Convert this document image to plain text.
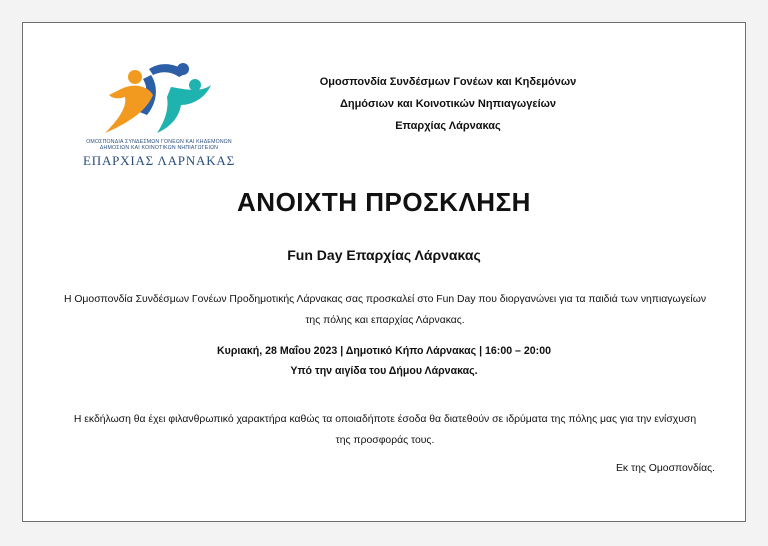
ΟΜΟΣΠΟΝΔΙΑ ΣΥΝΔΕΣΜΩΝ ΓΟΝΕΩΝ ΚΑΙ ΚΗΔΕΜΟΝΩΝ
ΔΗΜΟΣΙΩΝ ΚΑΙ ΚΟΙΝΟΤΙΚΩΝ ΝΗΠΙΑΓΩΓΕΙΩΝ
ΕΠΑΡΧΙΑΣ ΛΑΡΝΑΚΑΣ
Ομοσπονδία Συνδέσμων Γονέων και Κηδεμόνων
Δημόσιων και Κοινοτικών Νηπιαγωγείων
Επαρχίας Λάρνακας
ΑΝΟΙΧΤΗ ΠΡΟΣΚΛΗΣΗ
Fun Day Επαρχίας Λάρνακας
Η Ομοσπονδία Συνδέσμων Γονέων Προδημοτικής Λάρνακας σας προσκαλεί στο Fun Day που διοργανώνει για τα παιδιά των νηπιαγωγείων
της πόλης και επαρχίας Λάρνακας.
Κυριακή, 28 Μαΐου 2023 | Δημοτικό Κήπο Λάρνακας | 16:00 – 20:00
Υπό την αιγίδα του Δήμου Λάρνακας.
Η εκδήλωση θα έχει φιλανθρωπικό χαρακτήρα καθώς τα οποιαδήποτε έσοδα θα διατεθούν σε ιδρύματα της πόλης μας για την ενίσχυση
της προσφοράς τους.
Εκ της Ομοσπονδίας.
